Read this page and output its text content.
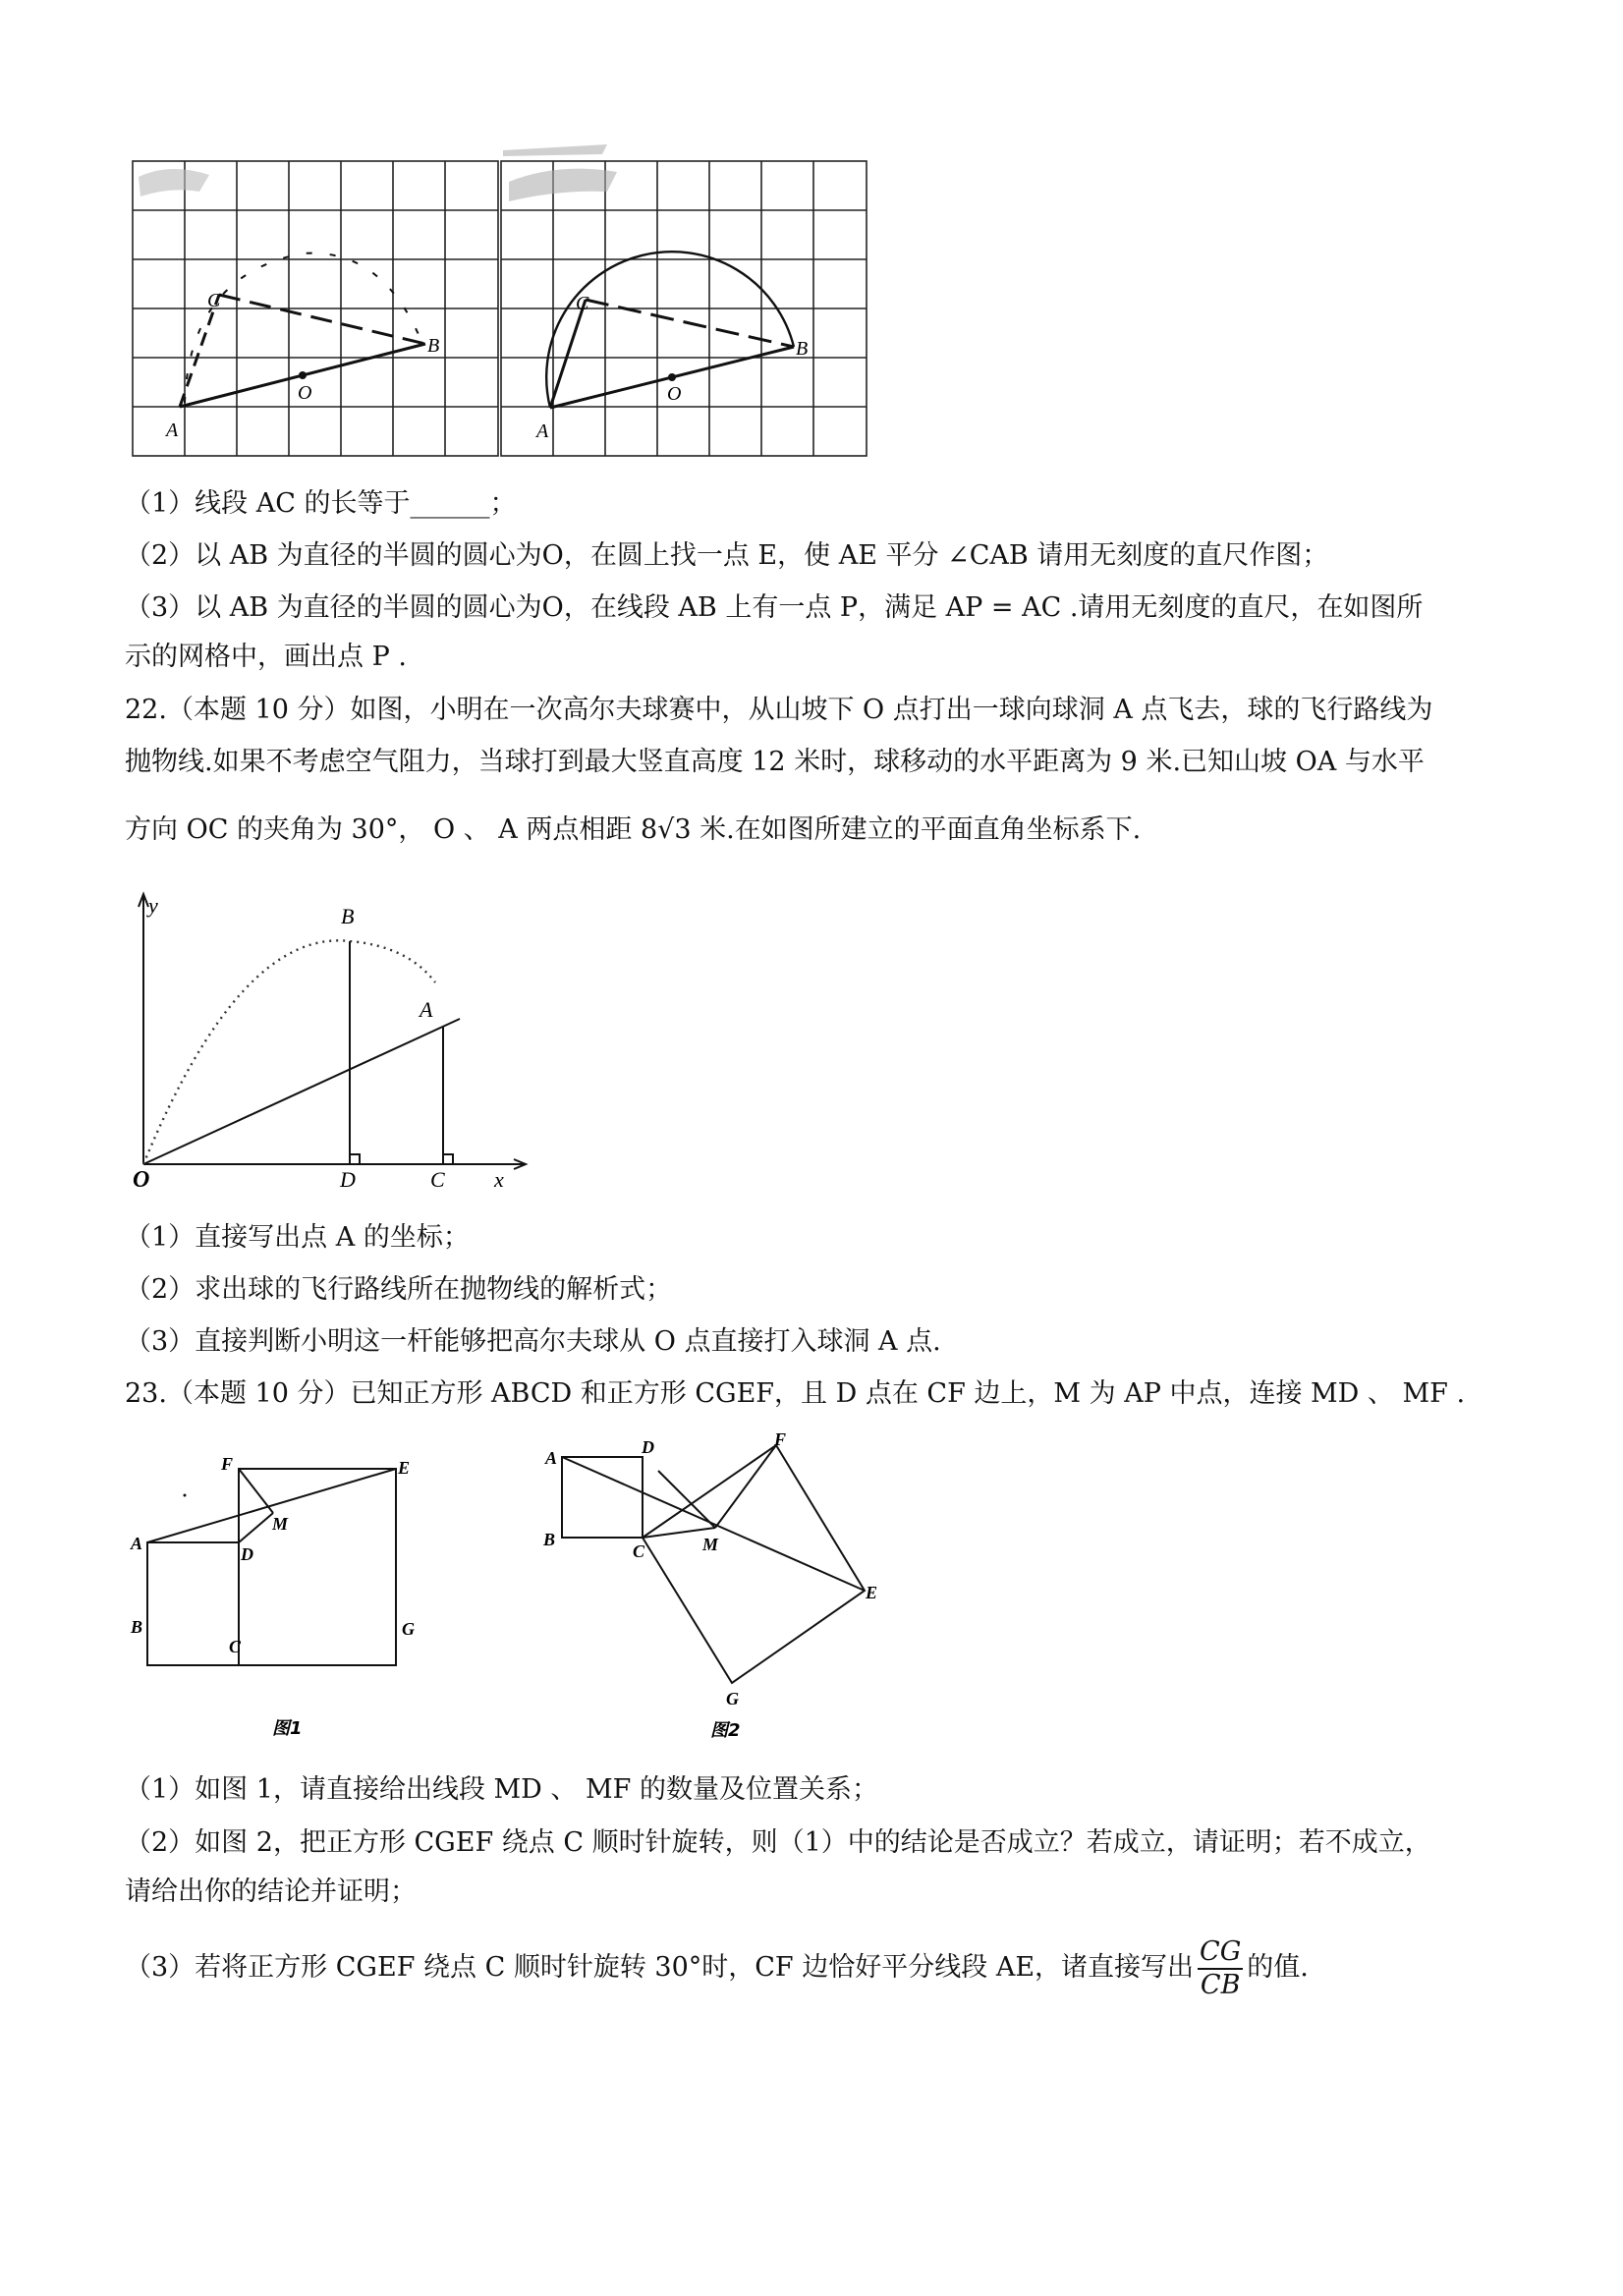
A
B
C
O
A
B
C
O
（1）线段 AC 的长等于______；
（2）以 AB 为直径的半圆的圆心为O，在圆上找一点 E，使 AE 平分 ∠CAB 请用无刻度的直尺作图；
（3）以 AB 为直径的半圆的圆心为O，在线段 AB 上有一点 P，满足 AP = AC .请用无刻度的直尺，在如图所
示的网格中，画出点 P .
22.（本题 10 分）如图，小明在一次高尔夫球赛中，从山坡下 O 点打出一球向球洞 A 点飞去，球的飞行路线为
抛物线.如果不考虑空气阻力，当球打到最大竖直高度 12 米时，球移动的水平距离为 9 米.已知山坡 OA 与水平
方向 OC 的夹角为 30°， O 、 A 两点相距 8√3 米.在如图所建立的平面直角坐标系下.
y
x
O
B
A
D	C
（1）直接写出点 A 的坐标；
（2）求出球的飞行路线所在抛物线的解析式；
（3）直接判断小明这一杆能够把高尔夫球从 O 点直接打入球洞 A 点.
23.（本题 10 分）已知正方形 ABCD 和正方形 CGEF，且 D 点在 CF 边上，M 为 AP 中点，连接 MD 、 MF .
F	E
M
A
D
B
C
G
图1
A
D
B
C	M
F
E
G
图2
（1）如图 1，请直接给出线段 MD 、 MF 的数量及位置关系；
（2）如图 2，把正方形 CGEF 绕点 C 顺时针旋转，则（1）中的结论是否成立？若成立，请证明；若不成立，
请给出你的结论并证明；
（3）若将正方形 CGEF 绕点 C 顺时针旋转 30°时，CF 边恰好平分线段 AE，诸直接写出 $\frac{CG}{CB}$ 的值.
